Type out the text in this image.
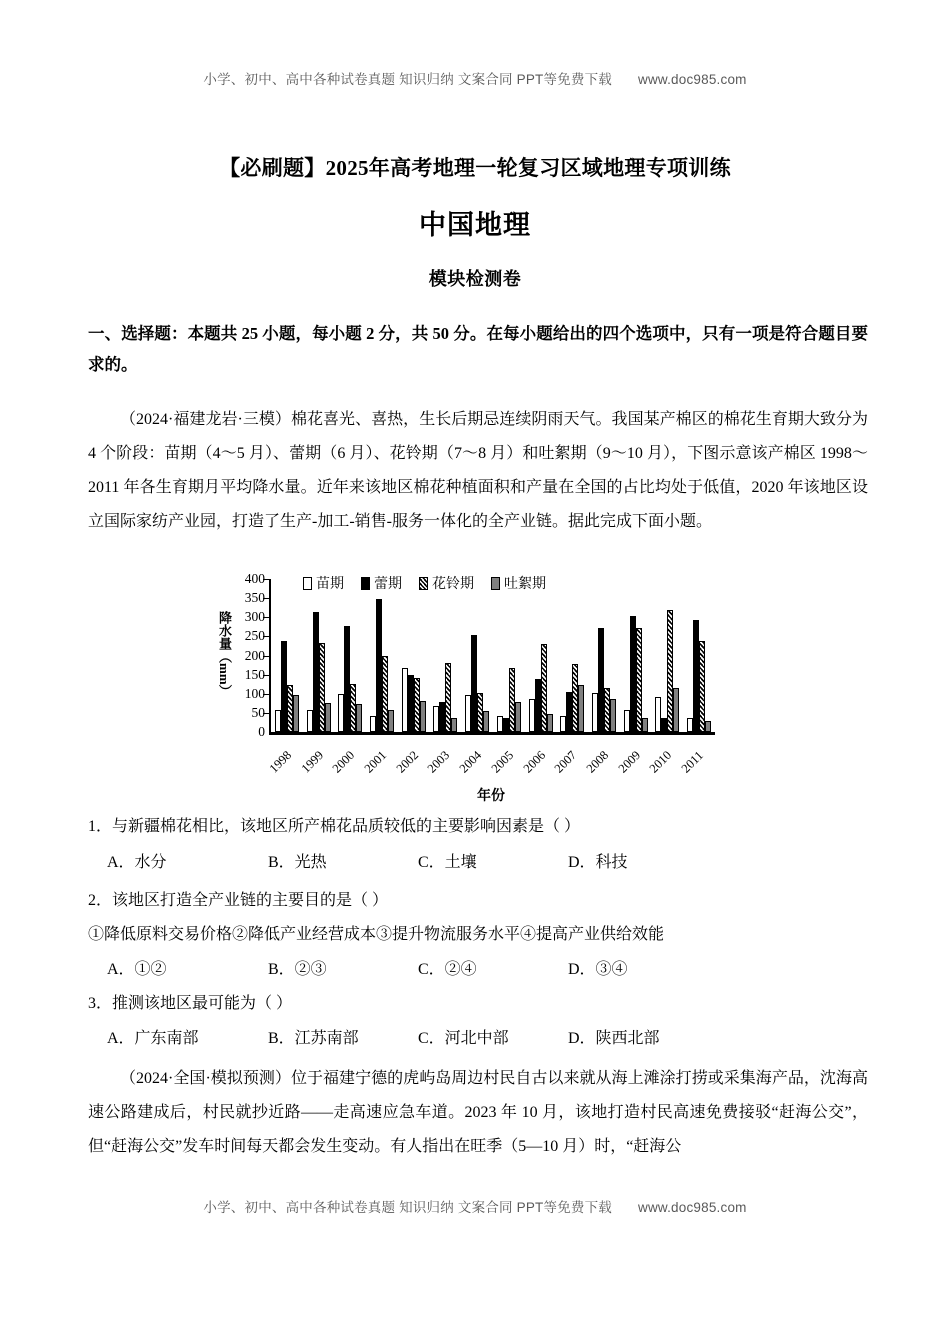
小学、初中、高中各种试卷真题 知识归纳 文案合同 PPT等免费下载 www.doc985.com
【必刷题】2025年高考地理一轮复习区域地理专项训练
中国地理
模块检测卷
一、选择题：本题共 25 小题，每小题 2 分，共 50 分。在每小题给出的四个选项中，只有一项是符合题目要求的。
（2024·福建龙岩·三模）棉花喜光、喜热，生长后期忌连续阴雨天气。我国某产棉区的棉花生育期大致分为 4 个阶段：苗期（4～5 月）、蕾期（6 月）、花铃期（7～8 月）和吐絮期（9～10 月），下图示意该产棉区 1998～2011 年各生育期月平均降水量。近年来该地区棉花种植面积和产量在全国的占比均处于低值，2020 年该地区设立国际家纺产业园，打造了生产-加工-销售-服务一体化的全产业链。据此完成下面小题。
苗期 蕾期 花铃期 吐絮期
降水量（mm）
0
50
100
150
200
250
300
350
400
1998 1999 2000 2001 2002 2003 2004 2005 2006 2007 2008 2009 2010 2011
年份
1．与新疆棉花相比，该地区所产棉花品质较低的主要影响因素是（ ）
A．水分	B．光热	C．土壤	D．科技
2．该地区打造全产业链的主要目的是（ ）
①降低原料交易价格②降低产业经营成本③提升物流服务水平④提高产业供给效能
A．①②	B．②③	C．②④	D．③④
3．推测该地区最可能为（ ）
A．广东南部	B．江苏南部	C．河北中部	D．陕西北部
（2024·全国·模拟预测）位于福建宁德的虎屿岛周边村民自古以来就从海上滩涂打捞或采集海产品，沈海高速公路建成后，村民就抄近路——走高速应急车道。2023 年 10 月，该地打造村民高速免费接驳“赶海公交”，但“赶海公交”发车时间每天都会发生变动。有人指出在旺季（5—10 月）时，“赶海公
小学、初中、高中各种试卷真题 知识归纳 文案合同 PPT等免费下载 www.doc985.com
